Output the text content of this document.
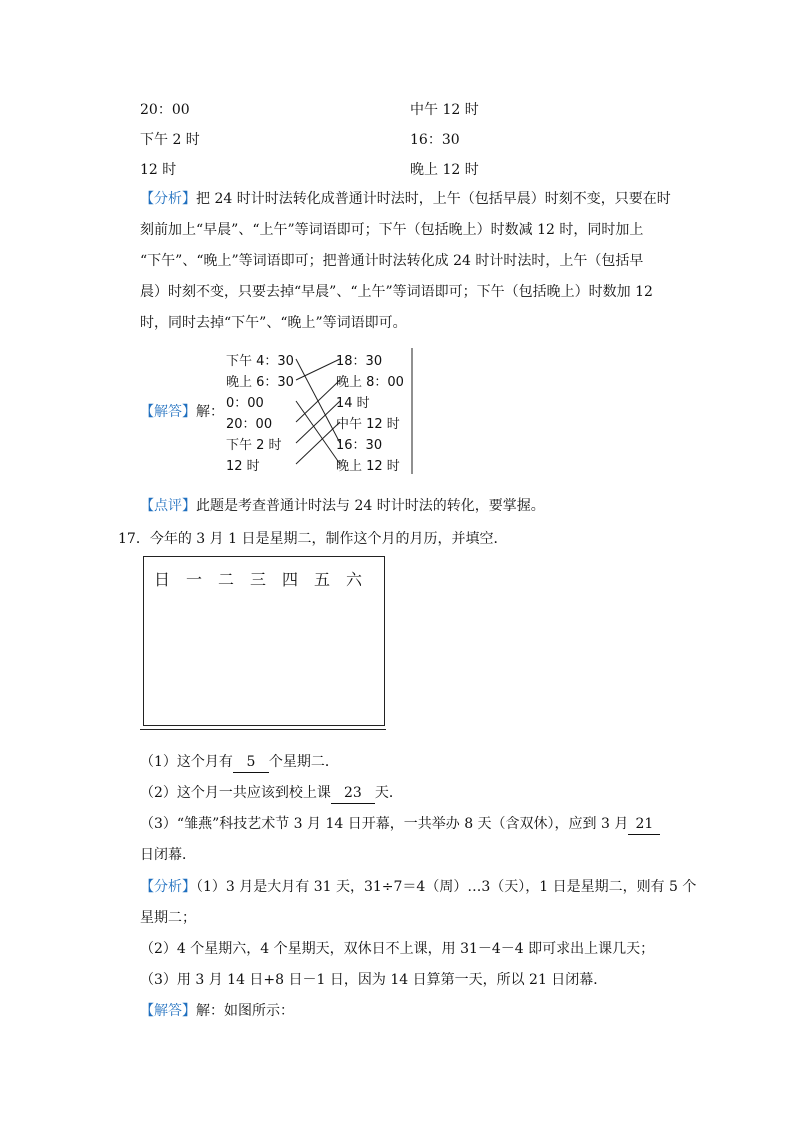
20：00	中午 12 时
下午 2 时	16：30
12 时	晚上 12 时
【分析】把 24 时计时法转化成普通计时法时，上午（包括早晨）时刻不变，只要在时
刻前加上“早晨”、“上午”等词语即可；下午（包括晚上）时数减 12 时，同时加上
“下午”、“晚上”等词语即可；把普通计时法转化成 24 时计时法时，上午（包括早
晨）时刻不变，只要去掉“早晨”、“上午”等词语即可；下午（包括晚上）时数加 12
时，同时去掉“下午”、“晚上”等词语即可。
【解答】解：
下午 4：30
晚上 6：30
0：00
20：00
下午 2 时
12 时
18：30
晚上 8：00
14 时
中午 12 时
16：30
晚上 12 时
【点评】此题是考查普通计时法与 24 时计时法的转化，要掌握。
17．今年的 3 月 1 日是星期二，制作这个月的月历，并填空．
日 一 二 三 四 五 六
（1）这个月有 5 个星期二．
（2）这个月一共应该到校上课 23 天．
（3）“雏燕”科技艺术节 3 月 14 日开幕，一共举办 8 天（含双休），应到 3 月 21
日闭幕．
【分析】（1）3 月是大月有 31 天，31÷7＝4（周）…3（天），1 日是星期二，则有 5 个
星期二；
（2）4 个星期六，4 个星期天，双休日不上课，用 31－4－4 即可求出上课几天；
（3）用 3 月 14 日+8 日－1 日，因为 14 日算第一天，所以 21 日闭幕．
【解答】解：如图所示：
